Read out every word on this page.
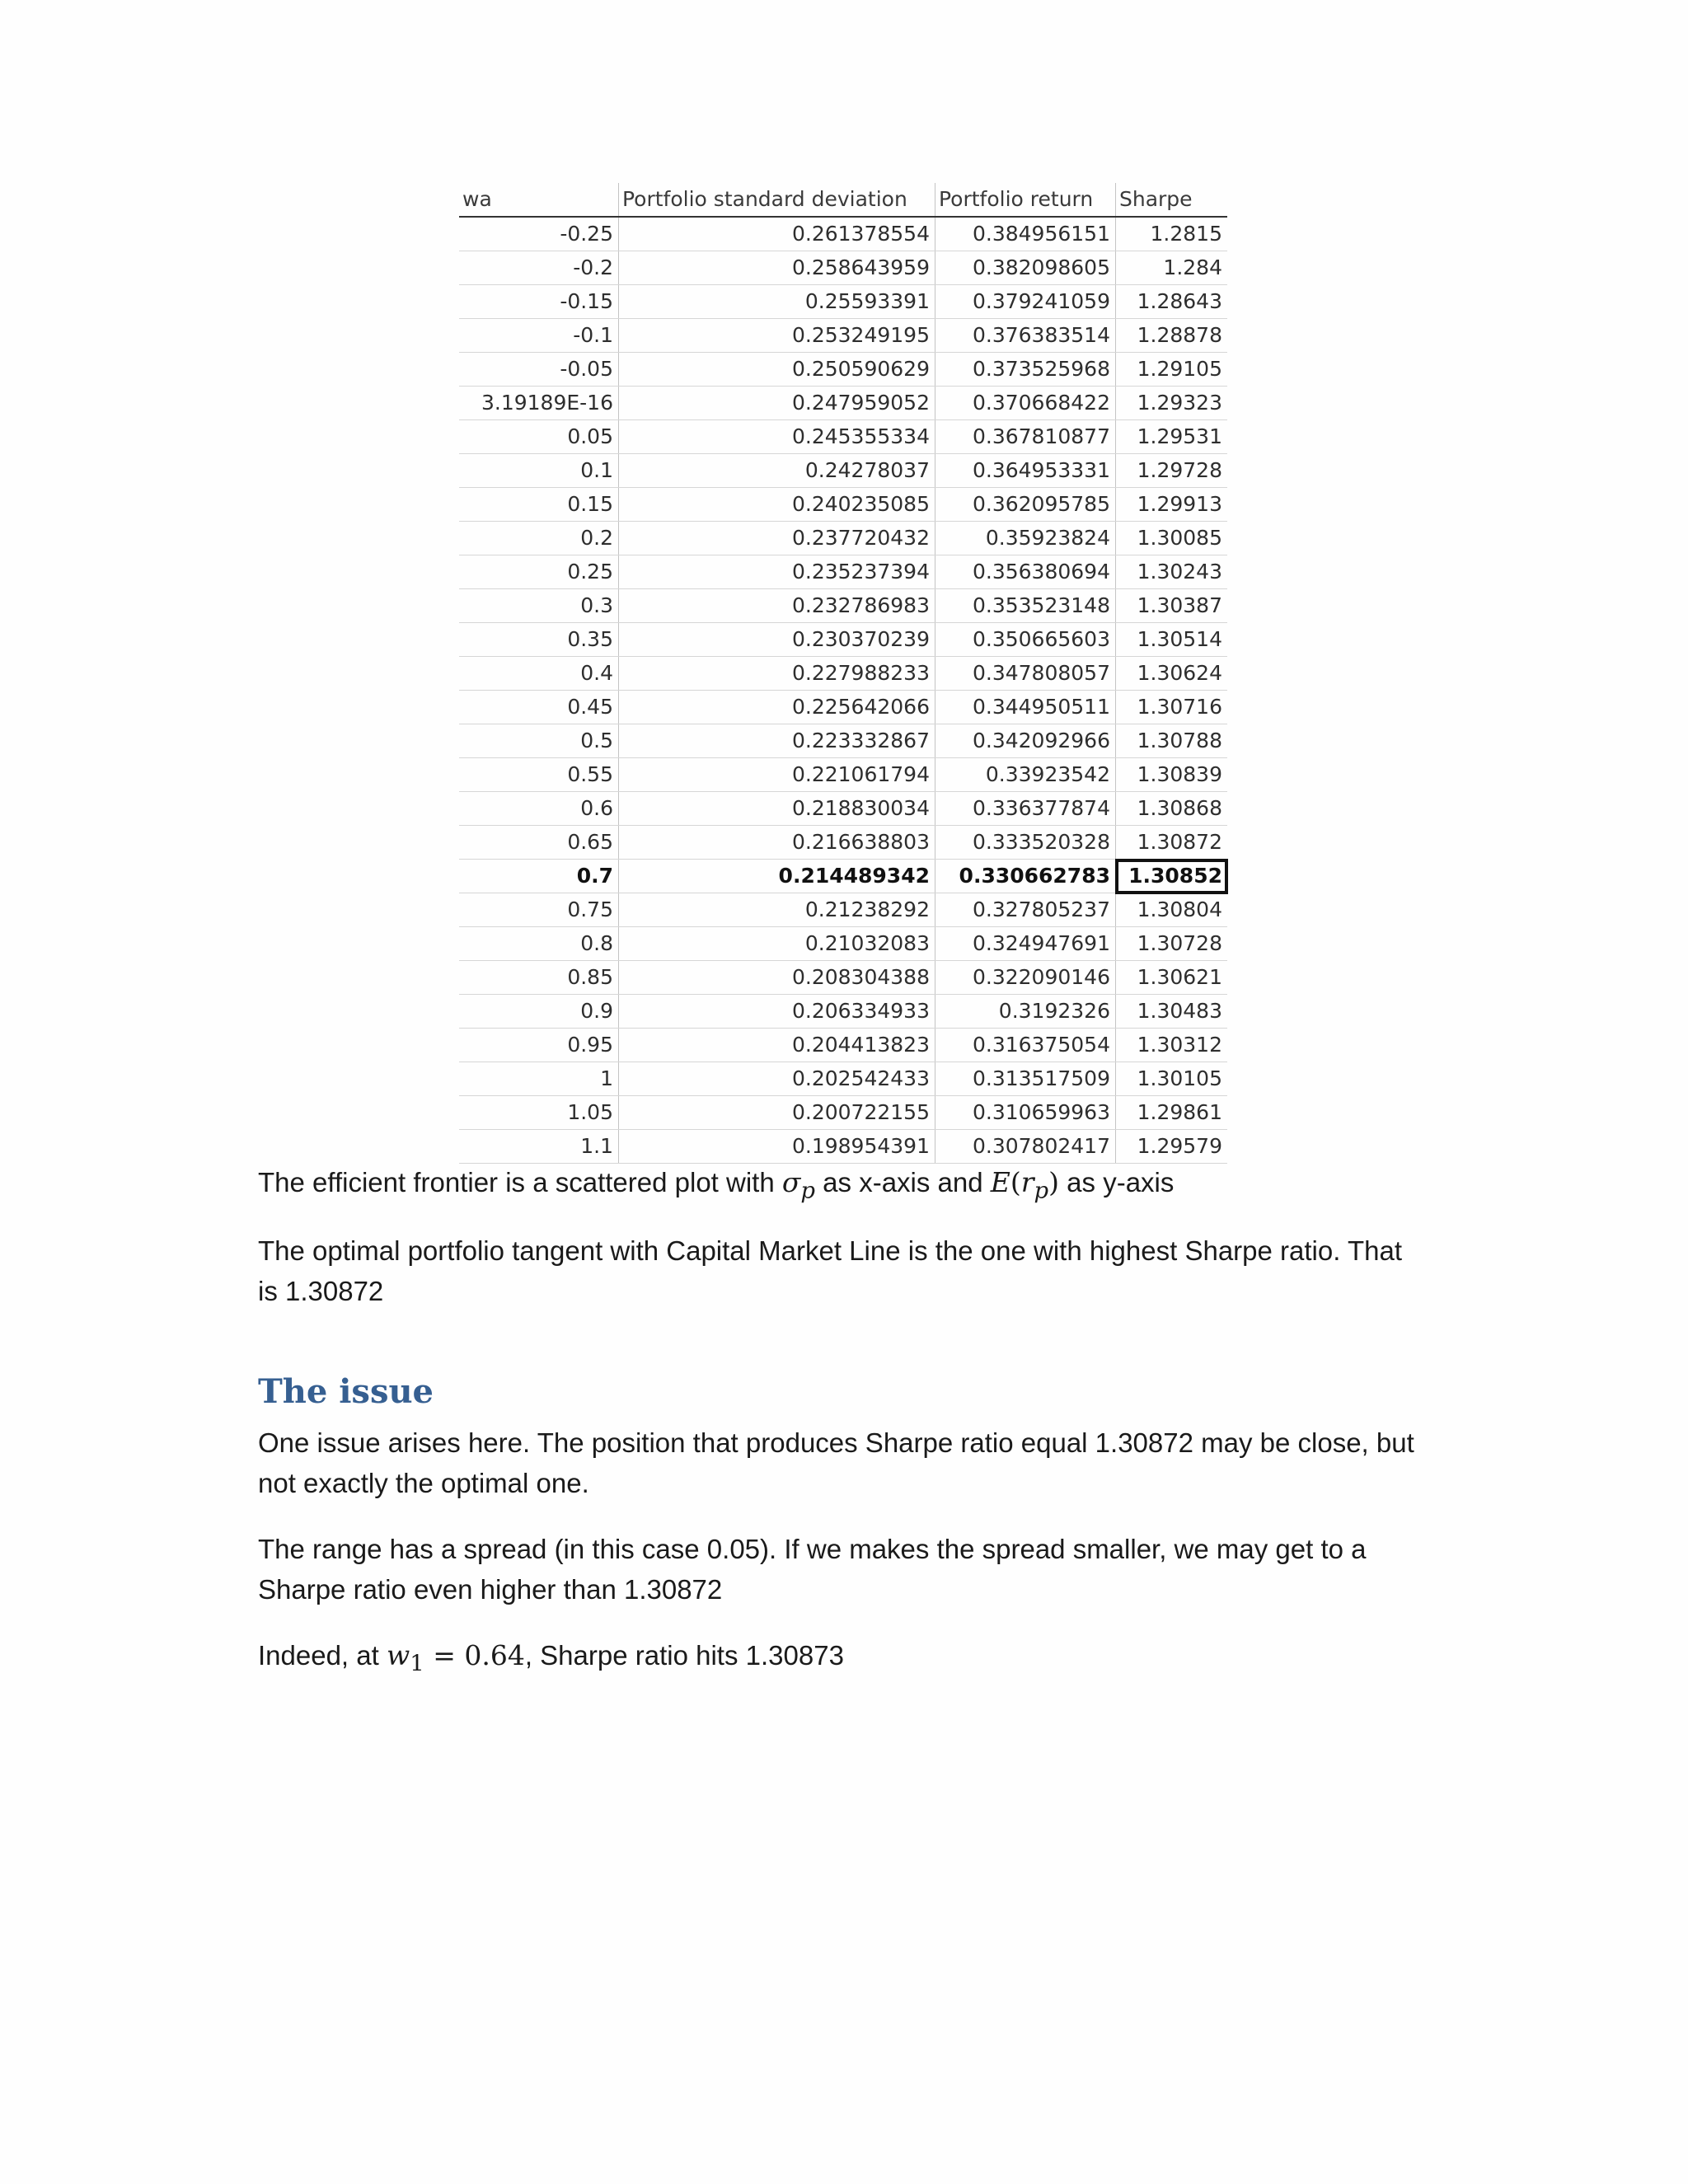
wa	Portfolio standard deviation	Portfolio return	Sharpe
-0.25	0.261378554	0.384956151	1.2815
-0.2	0.258643959	0.382098605	1.284
-0.15	0.25593391	0.379241059	1.28643
-0.1	0.253249195	0.376383514	1.28878
-0.05	0.250590629	0.373525968	1.29105
3.19189E-16	0.247959052	0.370668422	1.29323
0.05	0.245355334	0.367810877	1.29531
0.1	0.24278037	0.364953331	1.29728
0.15	0.240235085	0.362095785	1.29913
0.2	0.237720432	0.35923824	1.30085
0.25	0.235237394	0.356380694	1.30243
0.3	0.232786983	0.353523148	1.30387
0.35	0.230370239	0.350665603	1.30514
0.4	0.227988233	0.347808057	1.30624
0.45	0.225642066	0.344950511	1.30716
0.5	0.223332867	0.342092966	1.30788
0.55	0.221061794	0.33923542	1.30839
0.6	0.218830034	0.336377874	1.30868
0.65	0.216638803	0.333520328	1.30872
0.7	0.214489342	0.330662783	1.30852
0.75	0.21238292	0.327805237	1.30804
0.8	0.21032083	0.324947691	1.30728
0.85	0.208304388	0.322090146	1.30621
0.9	0.206334933	0.3192326	1.30483
0.95	0.204413823	0.316375054	1.30312
1	0.202542433	0.313517509	1.30105
1.05	0.200722155	0.310659963	1.29861
1.1	0.198954391	0.307802417	1.29579

The efficient frontier is a scattered plot with $\sigma_p$ as x-axis and $E(r_p)$ as y-axis

The optimal portfolio tangent with Capital Market Line is the one with highest Sharpe ratio. That is 1.30872

The issue

One issue arises here. The position that produces Sharpe ratio equal 1.30872 may be close, but not exactly the optimal one.

The range has a spread (in this case 0.05). If we makes the spread smaller, we may get to a Sharpe ratio even higher than 1.30872

Indeed, at $w_1 = 0.64$, Sharpe ratio hits 1.30873
